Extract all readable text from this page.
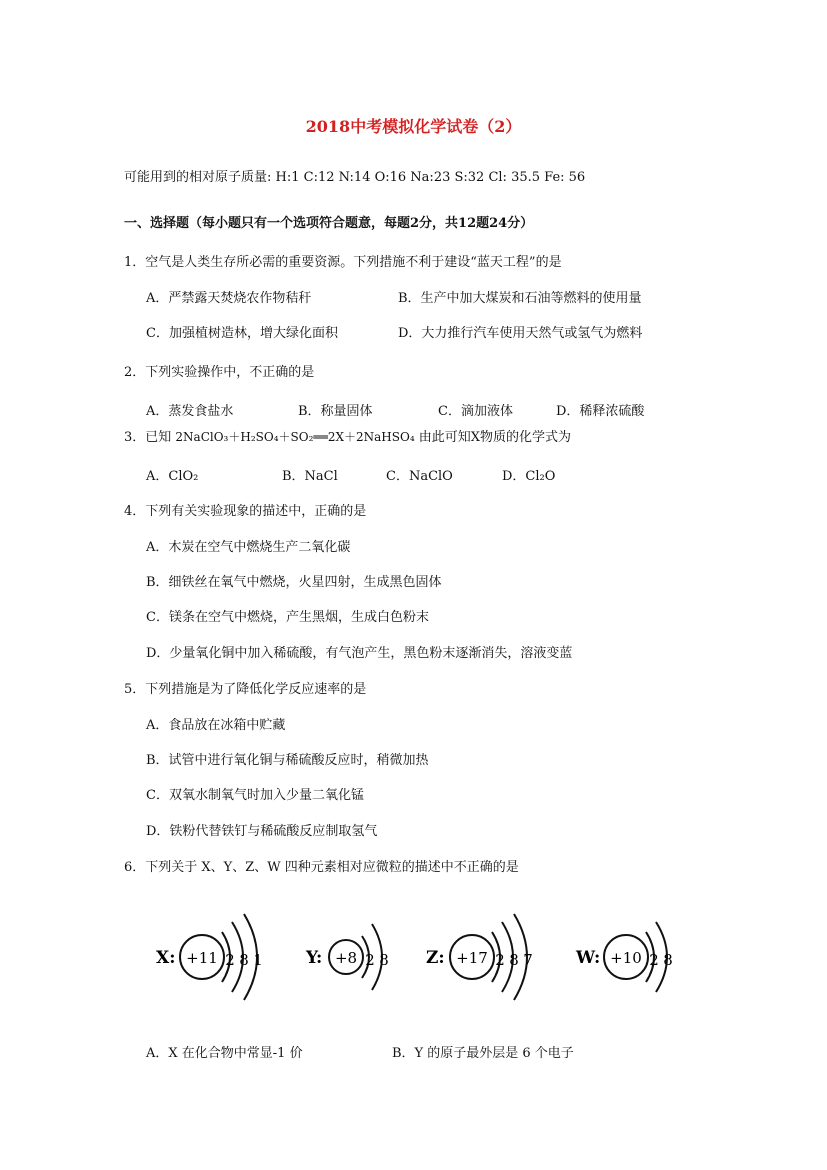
2018中考模拟化学试卷（2）
可能用到的相对原子质量: H:1 C:12 N:14 O:16 Na:23 S:32 Cl: 35.5 Fe: 56
一、选择题（每小题只有一个选项符合题意，每题2分，共12题24分）
1．空气是人类生存所必需的重要资源。下列措施不利于建设“蓝天工程”的是
A．严禁露天焚烧农作物秸秆	B．生产中加大煤炭和石油等燃料的使用量
C．加强植树造林，增大绿化面积	D．大力推行汽车使用天然气或氢气为燃料
2．下列实验操作中，不正确的是
A．蒸发食盐水	B．称量固体	C．滴加液体	D．稀释浓硫酸
3．已知 2NaClO₃＋H₂SO₄＋SO₂══2X＋2NaHSO₄ 由此可知X物质的化学式为
A．ClO₂	B．NaCl	C．NaClO	D．Cl₂O
4．下列有关实验现象的描述中，正确的是
A．木炭在空气中燃烧生产二氧化碳
B．细铁丝在氧气中燃烧，火星四射，生成黑色固体
C．镁条在空气中燃烧，产生黑烟，生成白色粉末
D．少量氧化铜中加入稀硫酸，有气泡产生，黑色粉末逐渐消失，溶液变蓝
5．下列措施是为了降低化学反应速率的是
A．食品放在冰箱中贮藏
B．试管中进行氧化铜与稀硫酸反应时，稍微加热
C．双氧水制氧气时加入少量二氧化锰
D．铁粉代替铁钉与稀硫酸反应制取氢气
6．下列关于 X、Y、Z、W 四种元素相对应微粒的描述中不正确的是
X: +11 2 8 1	Y: +8 2 8 Z: +17 2 8 7	W: +10 2 8
A．X 在化合物中常显-1 价	B．Y 的原子最外层是 6 个电子
